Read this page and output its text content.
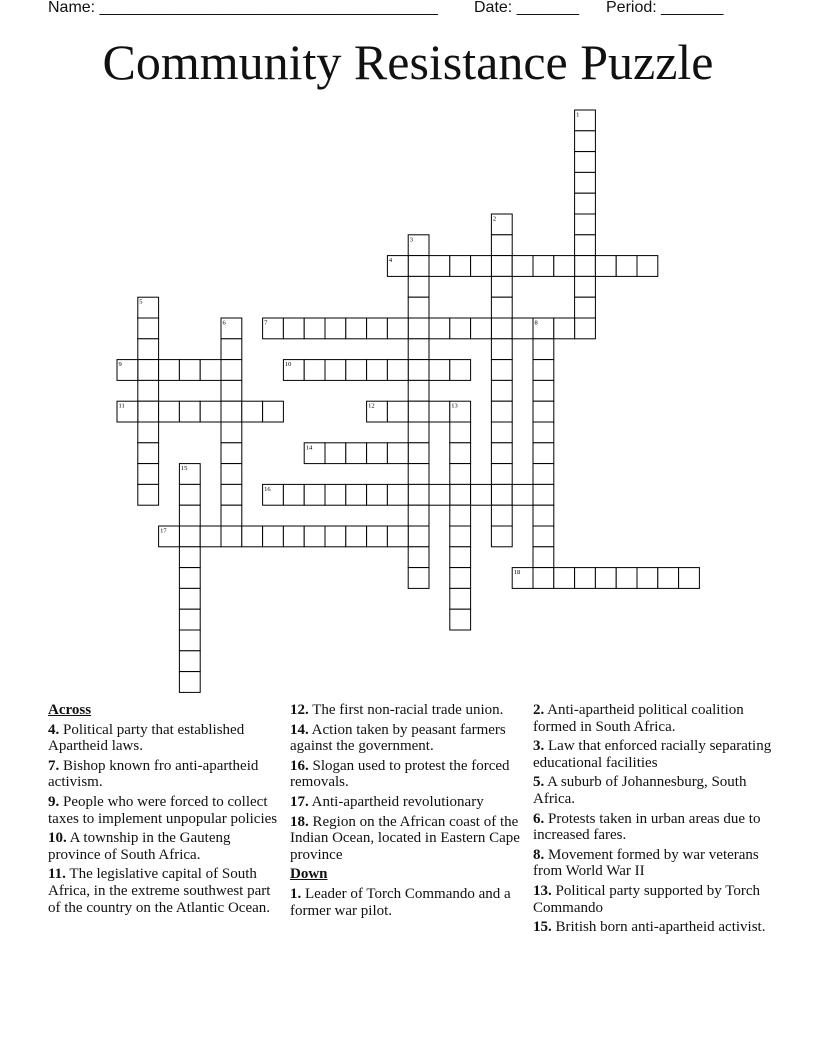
Name: ______________________________________ Date: _______ Period: _______
Community Resistance Puzzle
1
2
3
4
5
6	7	8
9	10
11	12	13
14
15
16
17
18
Across
4. Political party that established Apartheid laws.
7. Bishop known fro anti-apartheid activism.
9. People who were forced to collect taxes to implement unpopular policies
10. A township in the Gauteng province of South Africa.
11. The legislative capital of South Africa, in the extreme southwest part of the country on the Atlantic Ocean.
12. The first non-racial trade union.
14. Action taken by peasant farmers against the government.
16. Slogan used to protest the forced removals.
17. Anti-apartheid revolutionary
18. Region on the African coast of the Indian Ocean, located in Eastern Cape province
Down
1. Leader of Torch Commando and a former war pilot.
2. Anti-apartheid political coalition formed in South Africa.
3. Law that enforced racially separating educational facilities
5. A suburb of Johannesburg, South Africa.
6. Protests taken in urban areas due to increased fares.
8. Movement formed by war veterans from World War II
13. Political party supported by Torch Commando
15. British born anti-apartheid activist.
